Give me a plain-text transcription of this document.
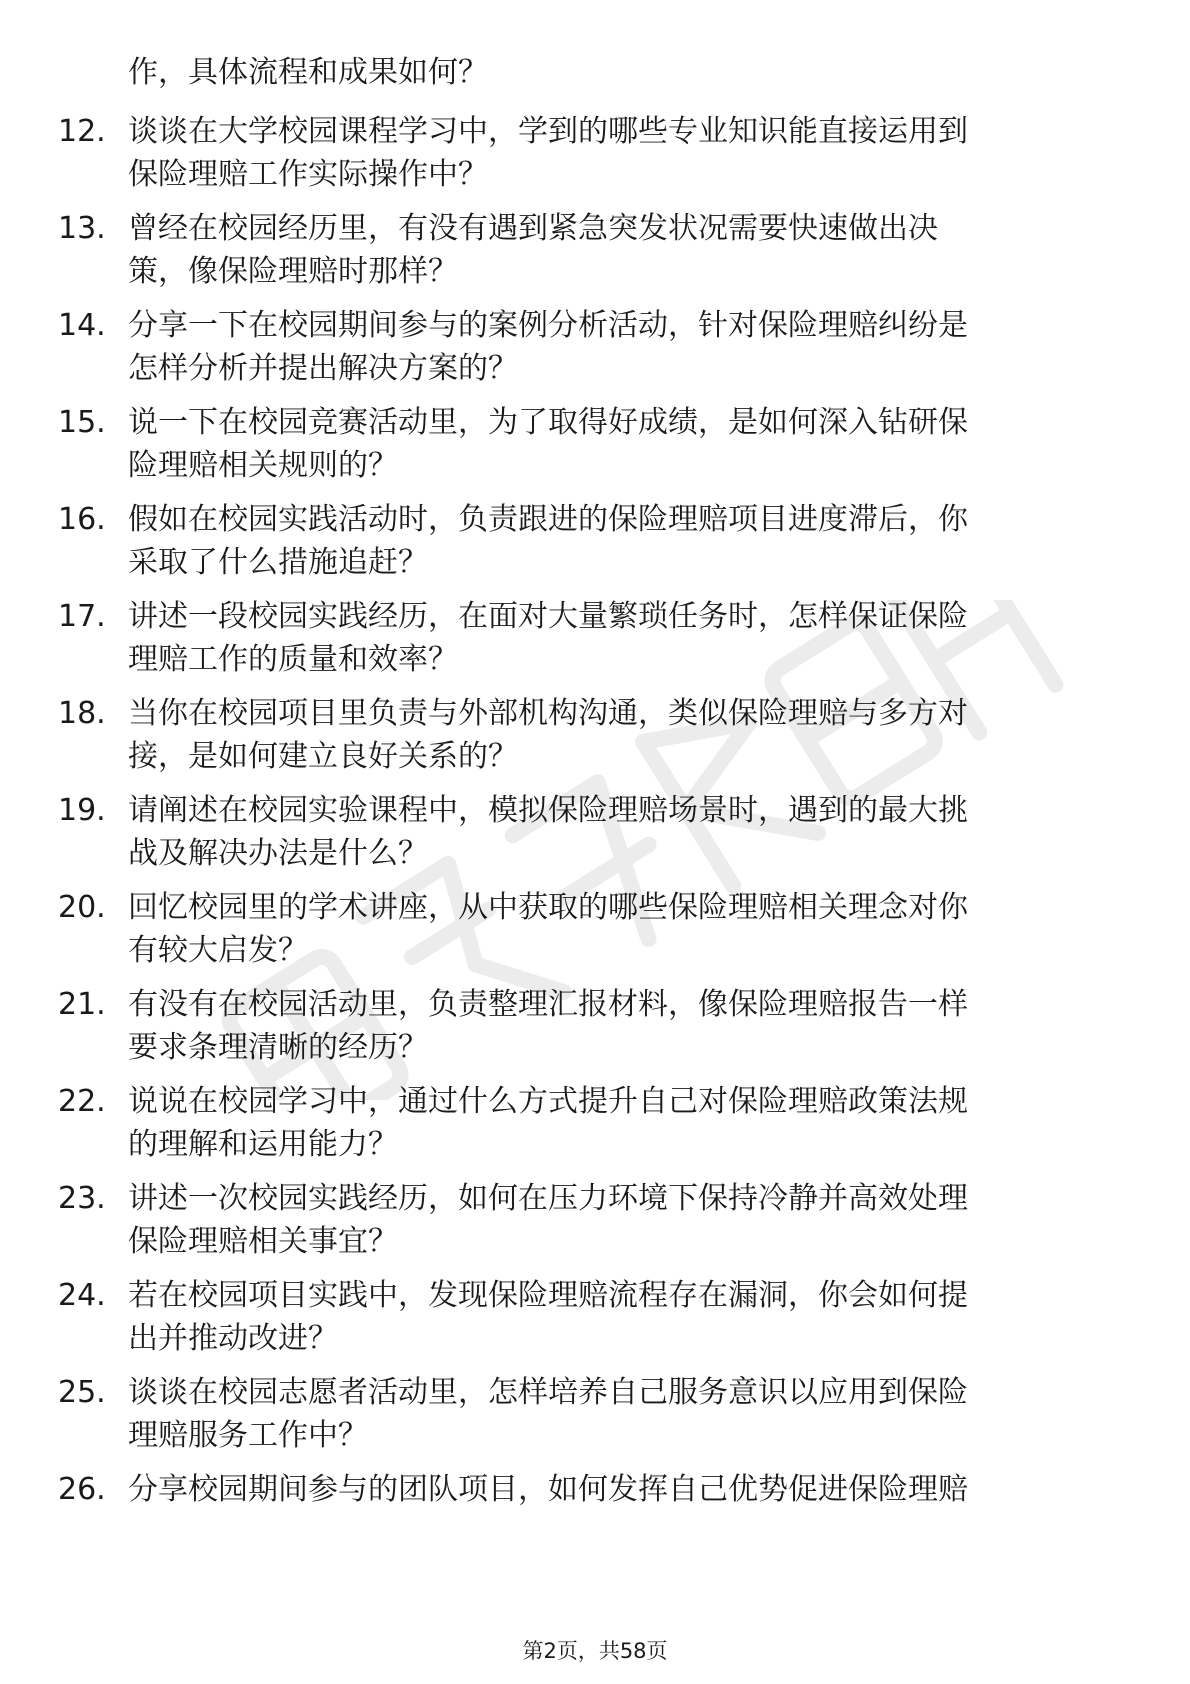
作，具体流程和成果如何？
12. 谈谈在大学校园课程学习中，学到的哪些专业知识能直接运用到
保险理赔工作实际操作中？
13. 曾经在校园经历里，有没有遇到紧急突发状况需要快速做出决
策，像保险理赔时那样？
14. 分享一下在校园期间参与的案例分析活动，针对保险理赔纠纷是
怎样分析并提出解决方案的？
15. 说一下在校园竞赛活动里，为了取得好成绩，是如何深入钻研保
险理赔相关规则的？
16. 假如在校园实践活动时，负责跟进的保险理赔项目进度滞后，你
采取了什么措施追赶？
17. 讲述一段校园实践经历，在面对大量繁琐任务时，怎样保证保险
理赔工作的质量和效率？
18. 当你在校园项目里负责与外部机构沟通，类似保险理赔与多方对
接，是如何建立良好关系的？
19. 请阐述在校园实验课程中，模拟保险理赔场景时，遇到的最大挑
战及解决办法是什么？
20. 回忆校园里的学术讲座，从中获取的哪些保险理赔相关理念对你
有较大启发？
21. 有没有在校园活动里，负责整理汇报材料，像保险理赔报告一样
要求条理清晰的经历？
22. 说说在校园学习中，通过什么方式提升自己对保险理赔政策法规
的理解和运用能力？
23. 讲述一次校园实践经历，如何在压力环境下保持冷静并高效处理
保险理赔相关事宜？
24. 若在校园项目实践中，发现保险理赔流程存在漏洞，你会如何提
出并推动改进？
25. 谈谈在校园志愿者活动里，怎样培养自己服务意识以应用到保险
理赔服务工作中？
26. 分享校园期间参与的团队项目，如何发挥自己优势促进保险理赔
第2页，共58页
